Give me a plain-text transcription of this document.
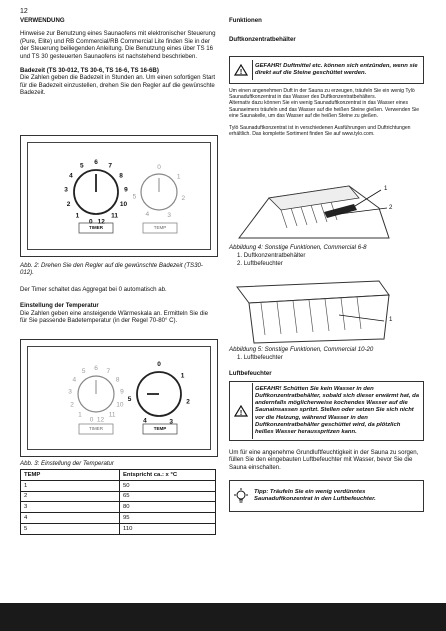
12
VERWENDUNG
Hinweise zur Benutzung eines Saunaofens mit elektronischer Steuerung (Pure, Elite) und RB Commercial/RB Commercial Lite finden Sie in der der Steuerung beiliegenden Anleitung. Die Benutzung eines über TS 16 und TS 30 gesteuerten Saunaofens ist nachstehend beschrieben.
Badezeit (TS 30-012, TS 30-6, TS 16-6, TS 16-6B)
Die Zahlen geben die Badezeit in Stunden an. Um einen sofortigen Start für die Badezeit einzustellen, drehen Sie den Regler auf die gewünschte Badezeit.
0
1
2
3
4
5
6
7
8
9
10
11
12
0
1
2
3
4
5
TIMER	TEMP
Abb. 2: Drehen Sie den Regler auf die gewünschte Badezeit (TS30-012).
Der Timer schaltet das Aggregat bei 0 automatisch ab.
Einstellung der Temperatur
Die Zahlen geben eine ansteigende Wärmeskala an. Ermitteln Sie die für Sie passende Badetemperatur (in der Regel 70-80° C).
0
1
2
3
4
5 6 7
8
9
10
11
12
0
1
2
3
4
5
TIMER	TEMP
Abb. 3: Einstellung der Temperatur
TEMP	Entspricht ca.: x °C
1	50
2	65
3	80
4	95
5	110
Funktionen
Duftkonzentratbehälter
!
GEFAHR! Duftmittel etc. können sich entzünden, wenn sie direkt auf die Steine geschüttet werden.
Um einen angenehmen Duft in der Sauna zu erzeugen, träufeln Sie ein wenig Tylö Saunaduftkonzentrat in das Wasser des Duftkonzentratbehälters.
Alternativ dazu können Sie ein wenig Saunaduftkonzentrat in das Wasser eines Saunaeimers träufeln und das Wasser auf die heißen Steine gießen. Verwenden Sie eine Saunakelle, um das Wasser auf die heißen Steine zu gießen.
Tylö Saunaduftkonzentrat ist in verschiedenen Ausführungen und Duftrichtungen erhältlich. Das komplette Sortiment finden Sie auf www.tylo.com.
1
2
Abbildung 4: Sonstige Funktionen, Commercial 6-8
1. Duftkonzentratbehälter
2. Luftbefeuchter
1
Abbildung 5: Sonstige Funktionen, Commercial 10-20
1. Luftbefeuchter
Luftbefeuchter
!
GEFAHR! Schütten Sie kein Wasser in den Duftkonzentratbehälter, sobald sich dieser erwärmt hat, da andernfalls möglicherweise kochendes Wasser auf die Saunainsassen spritzt. Stellen oder setzen Sie sich nicht vor die Heizung, während Wasser in den Duftkonzentratbehälter geschüttet wird, da plötzlich heißes Wasser herausspritzen kann.
Um für eine angenehme Grundluftfeuchtigkeit in der Sauna zu sorgen, füllen Sie den eingebauten Luftbefeuchter mit Wasser, bevor Sie die Sauna einschalten.
Tipp: Träufeln Sie ein wenig verdünntes Saunaduftkonzentrat in den Luftbefeuchter.
